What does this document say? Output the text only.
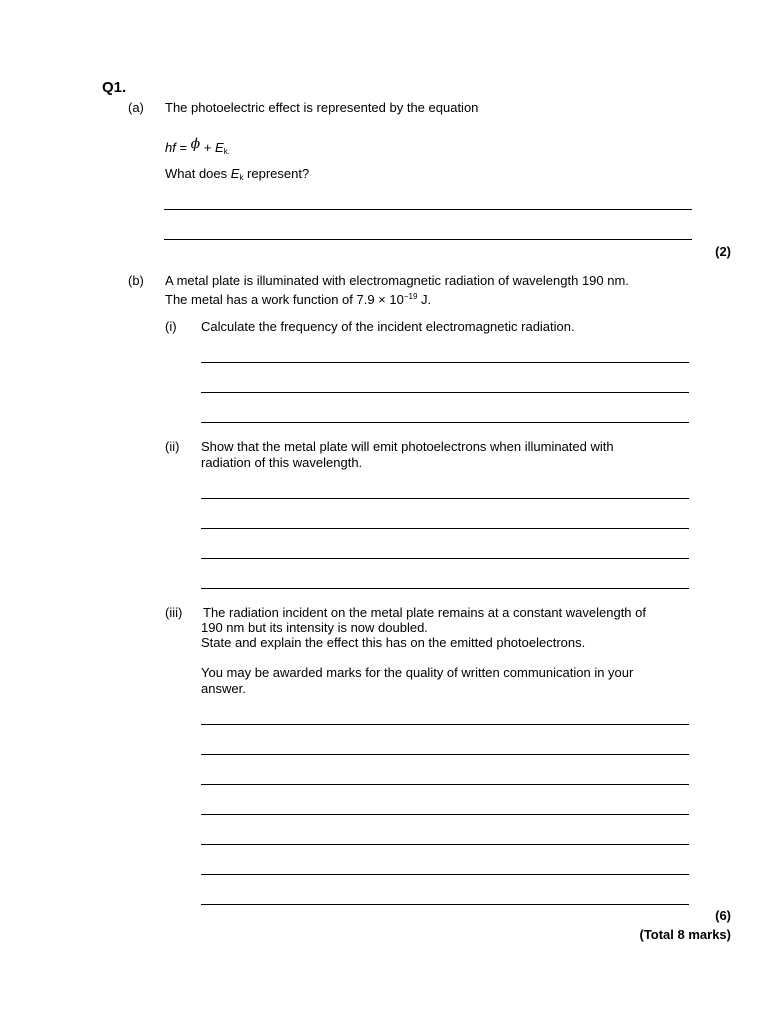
Q1.
(a) The photoelectric effect is represented by the equation
hf = $\phi + E_{k.}$
What does $E_k$ represent?
(2)
(b) A metal plate is illuminated with electromagnetic radiation of wavelength 190 nm.
The metal has a work function of $7.9 \times 10^{-19}$ J.
(i) Calculate the frequency of the incident electromagnetic radiation.
(ii) Show that the metal plate will emit photoelectrons when illuminated with
radiation of this wavelength.
(iii) The radiation incident on the metal plate remains at a constant wavelength of
190 nm but its intensity is now doubled.
State and explain the effect this has on the emitted photoelectrons.
You may be awarded marks for the quality of written communication in your
answer.
(6)
(Total 8 marks)
